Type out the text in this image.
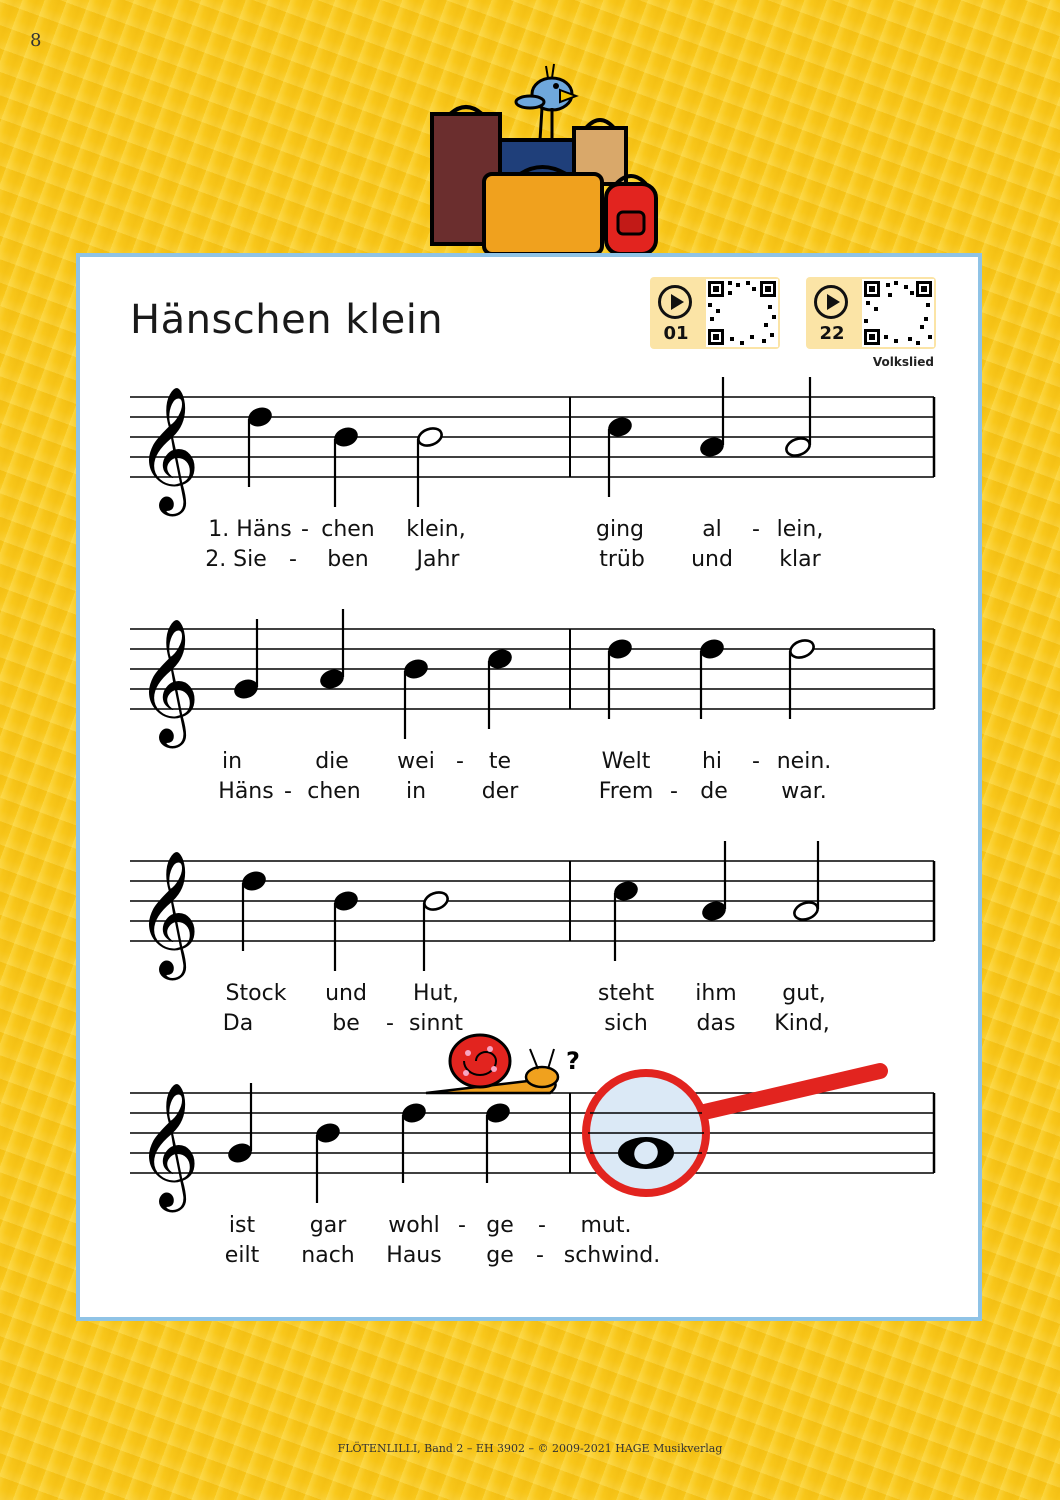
8
Hänschen klein	01	22
Volkslied
𝄞
1. Häns - chen klein,	ging	al - lein,
2. Sie - ben Jahr	trüb und klar
𝄞
in	die wei - te	Welt hi - nein.
Häns - chen in	der	Frem - de war.
𝄞
Stock und Hut,	steht ihm gut,
Da	be - sinnt	sich das Kind,
𝄞
?
ist gar wohl - ge - mut.
eilt nach Haus ge - schwind.
FLÖTENLILLI, Band 2 – EH 3902 – © 2009-2021 HAGE Musikverlag
